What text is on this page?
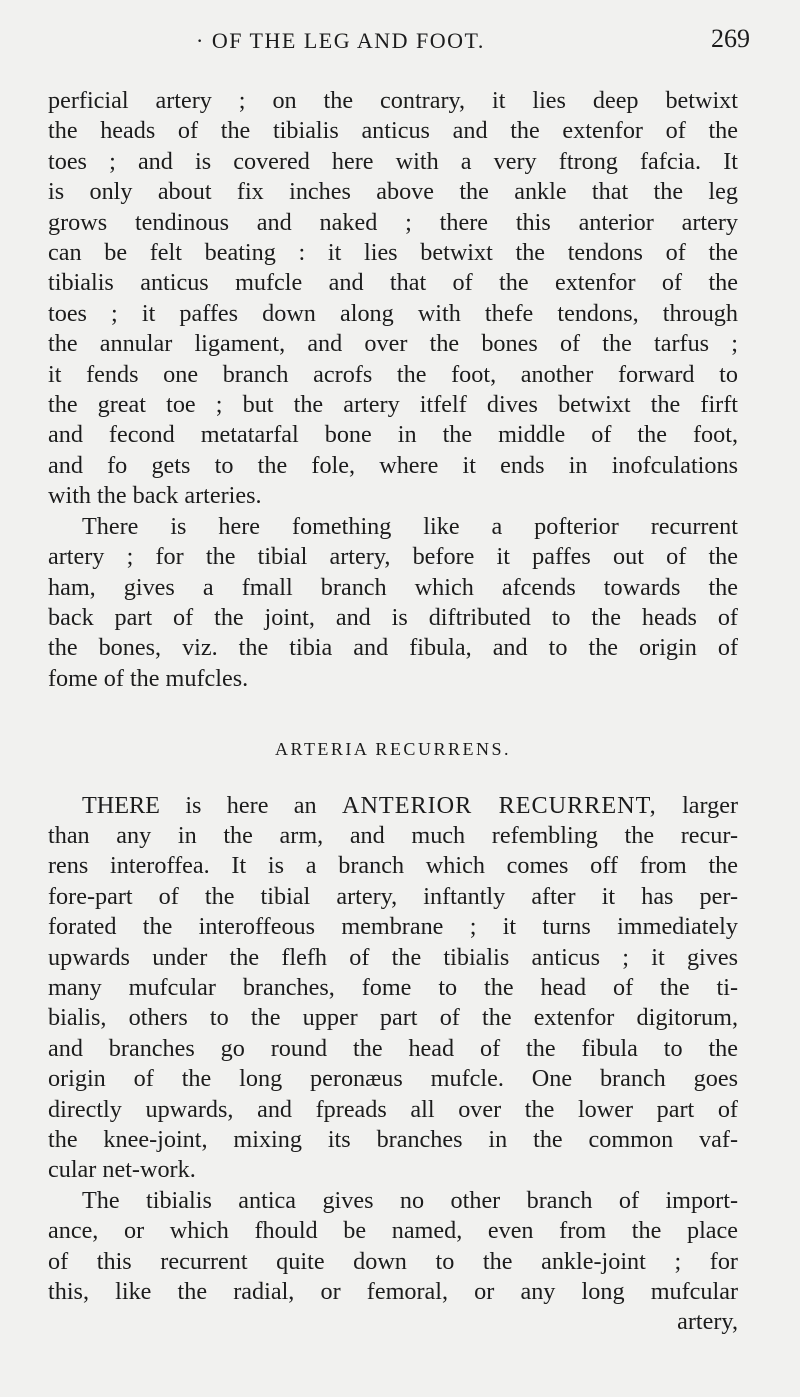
· OF THE LEG AND FOOT.	269
perficial artery ; on the contrary, it lies deep betwixt
the heads of the tibialis anticus and the extenfor of the
toes ; and is covered here with a very ftrong fafcia. It
is only about fix inches above the ankle that the leg
grows tendinous and naked ; there this anterior artery
can be felt beating : it lies betwixt the tendons of the
tibialis anticus mufcle and that of the extenfor of the
toes ; it paffes down along with thefe tendons, through
the annular ligament, and over the bones of the tarfus ;
it fends one branch acrofs the foot, another forward to
the great toe ; but the artery itfelf dives betwixt the firft
and fecond metatarfal bone in the middle of the foot,
and fo gets to the fole, where it ends in inofculations
with the back arteries.
There is here fomething like a pofterior recurrent
artery ; for the tibial artery, before it paffes out of the
ham, gives a fmall branch which afcends towards the
back part of the joint, and is diftributed to the heads of
the bones, viz. the tibia and fibula, and to the origin of
fome of the mufcles.
ARTERIA RECURRENS.
THERE is here an ANTERIOR RECURRENT, larger
than any in the arm, and much refembling the recur-
rens interoffea. It is a branch which comes off from the
fore-part of the tibial artery, inftantly after it has per-
forated the interoffeous membrane ; it turns immediately
upwards under the flefh of the tibialis anticus ; it gives
many mufcular branches, fome to the head of the ti-
bialis, others to the upper part of the extenfor digitorum,
and branches go round the head of the fibula to the
origin of the long peronæus mufcle. One branch goes
directly upwards, and fpreads all over the lower part of
the knee-joint, mixing its branches in the common vaf-
cular net-work.
The tibialis antica gives no other branch of import-
ance, or which fhould be named, even from the place
of this recurrent quite down to the ankle-joint ; for
this, like the radial, or femoral, or any long mufcular
artery,
